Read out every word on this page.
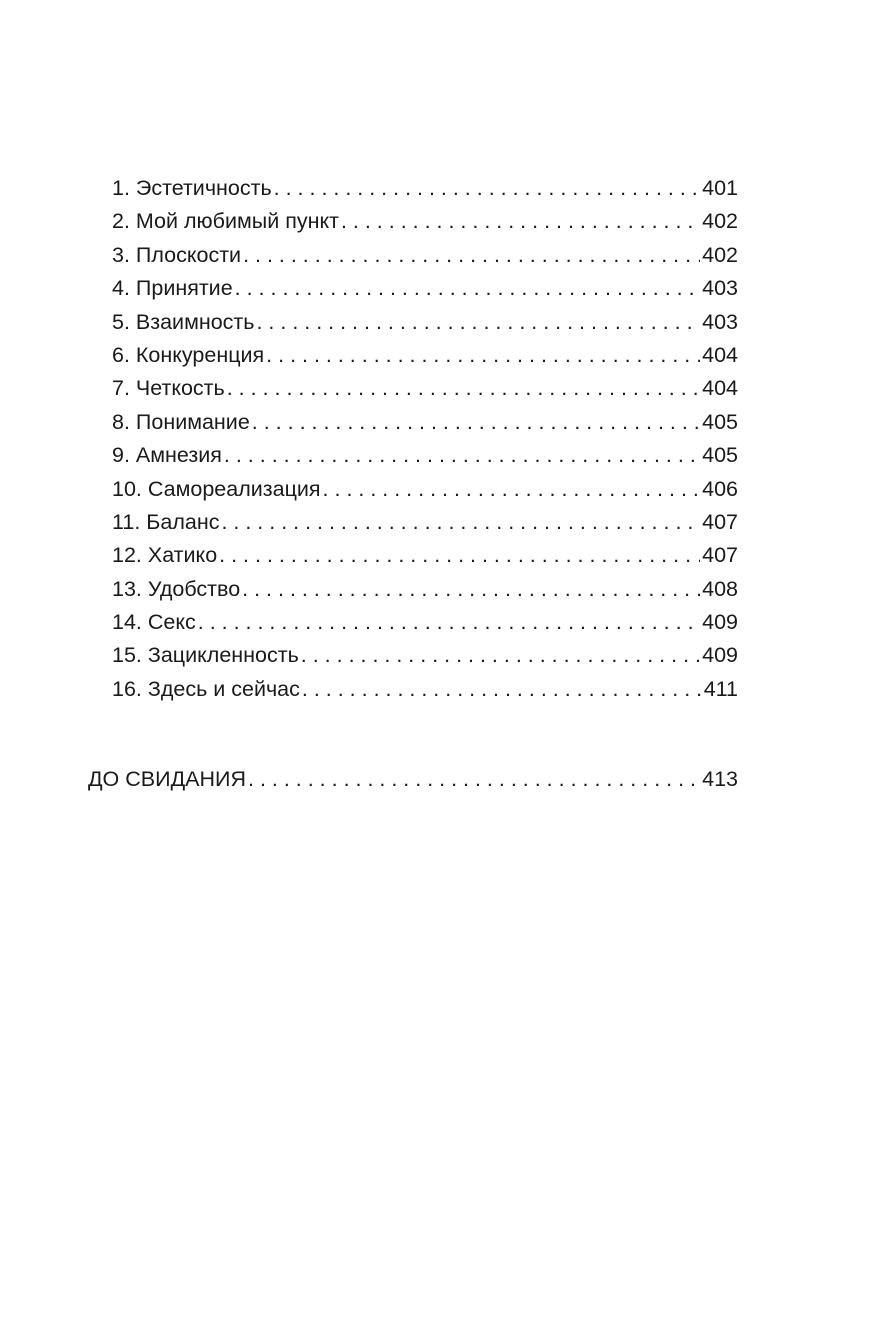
1. Эстетичность . . .	401
2. Мой любимый пункт . . .	402
3. Плоскости . . .	402
4. Принятие . . .	403
5. Взаимность . . .	403
6. Конкуренция . . .	404
7. Четкость . . .	404
8. Понимание . . .	405
9. Амнезия . . .	405
10. Самореализация . . .	406
11. Баланс . . .	407
12. Хатико . . .	407
13. Удобство . . .	408
14. Секс . . .	409
15. Зацикленность . . .	409
16. Здесь и сейчас . . .	411
ДО СВИДАНИЯ . . .	413
